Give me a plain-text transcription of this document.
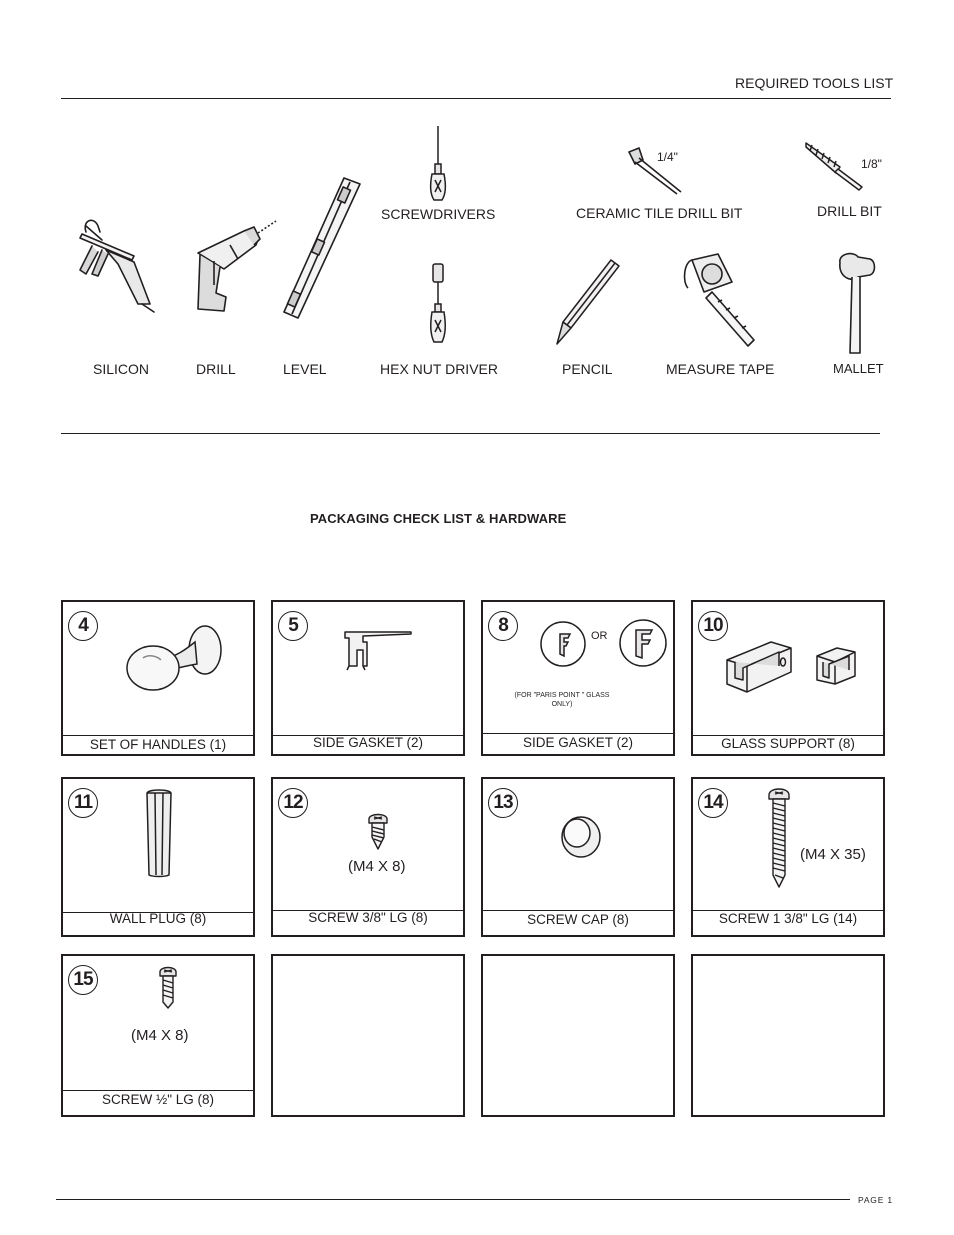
REQUIRED TOOLS LIST
SILICON	DRILL	LEVEL
SCREWDRIVERS
HEX NUT DRIVER
1/4"
CERAMIC TILE DRILL BIT
1/8"
DRILL BIT
PENCIL	MEASURE TAPE	MALLET
PACKAGING CHECK LIST & HARDWARE
4
SET OF HANDLES (1)
5
SIDE GASKET (2)
8	OR
(FOR "PARIS POINT " GLASS ONLY)
SIDE GASKET (2)
10
GLASS SUPPORT (8)
11
WALL PLUG (8)
12
(M4 X 8)
SCREW 3/8" LG (8)
13
SCREW CAP (8)
14
(M4 X 35)
SCREW 1 3/8" LG (14)
15
(M4 X 8)
SCREW ½" LG (8)
PAGE 1
